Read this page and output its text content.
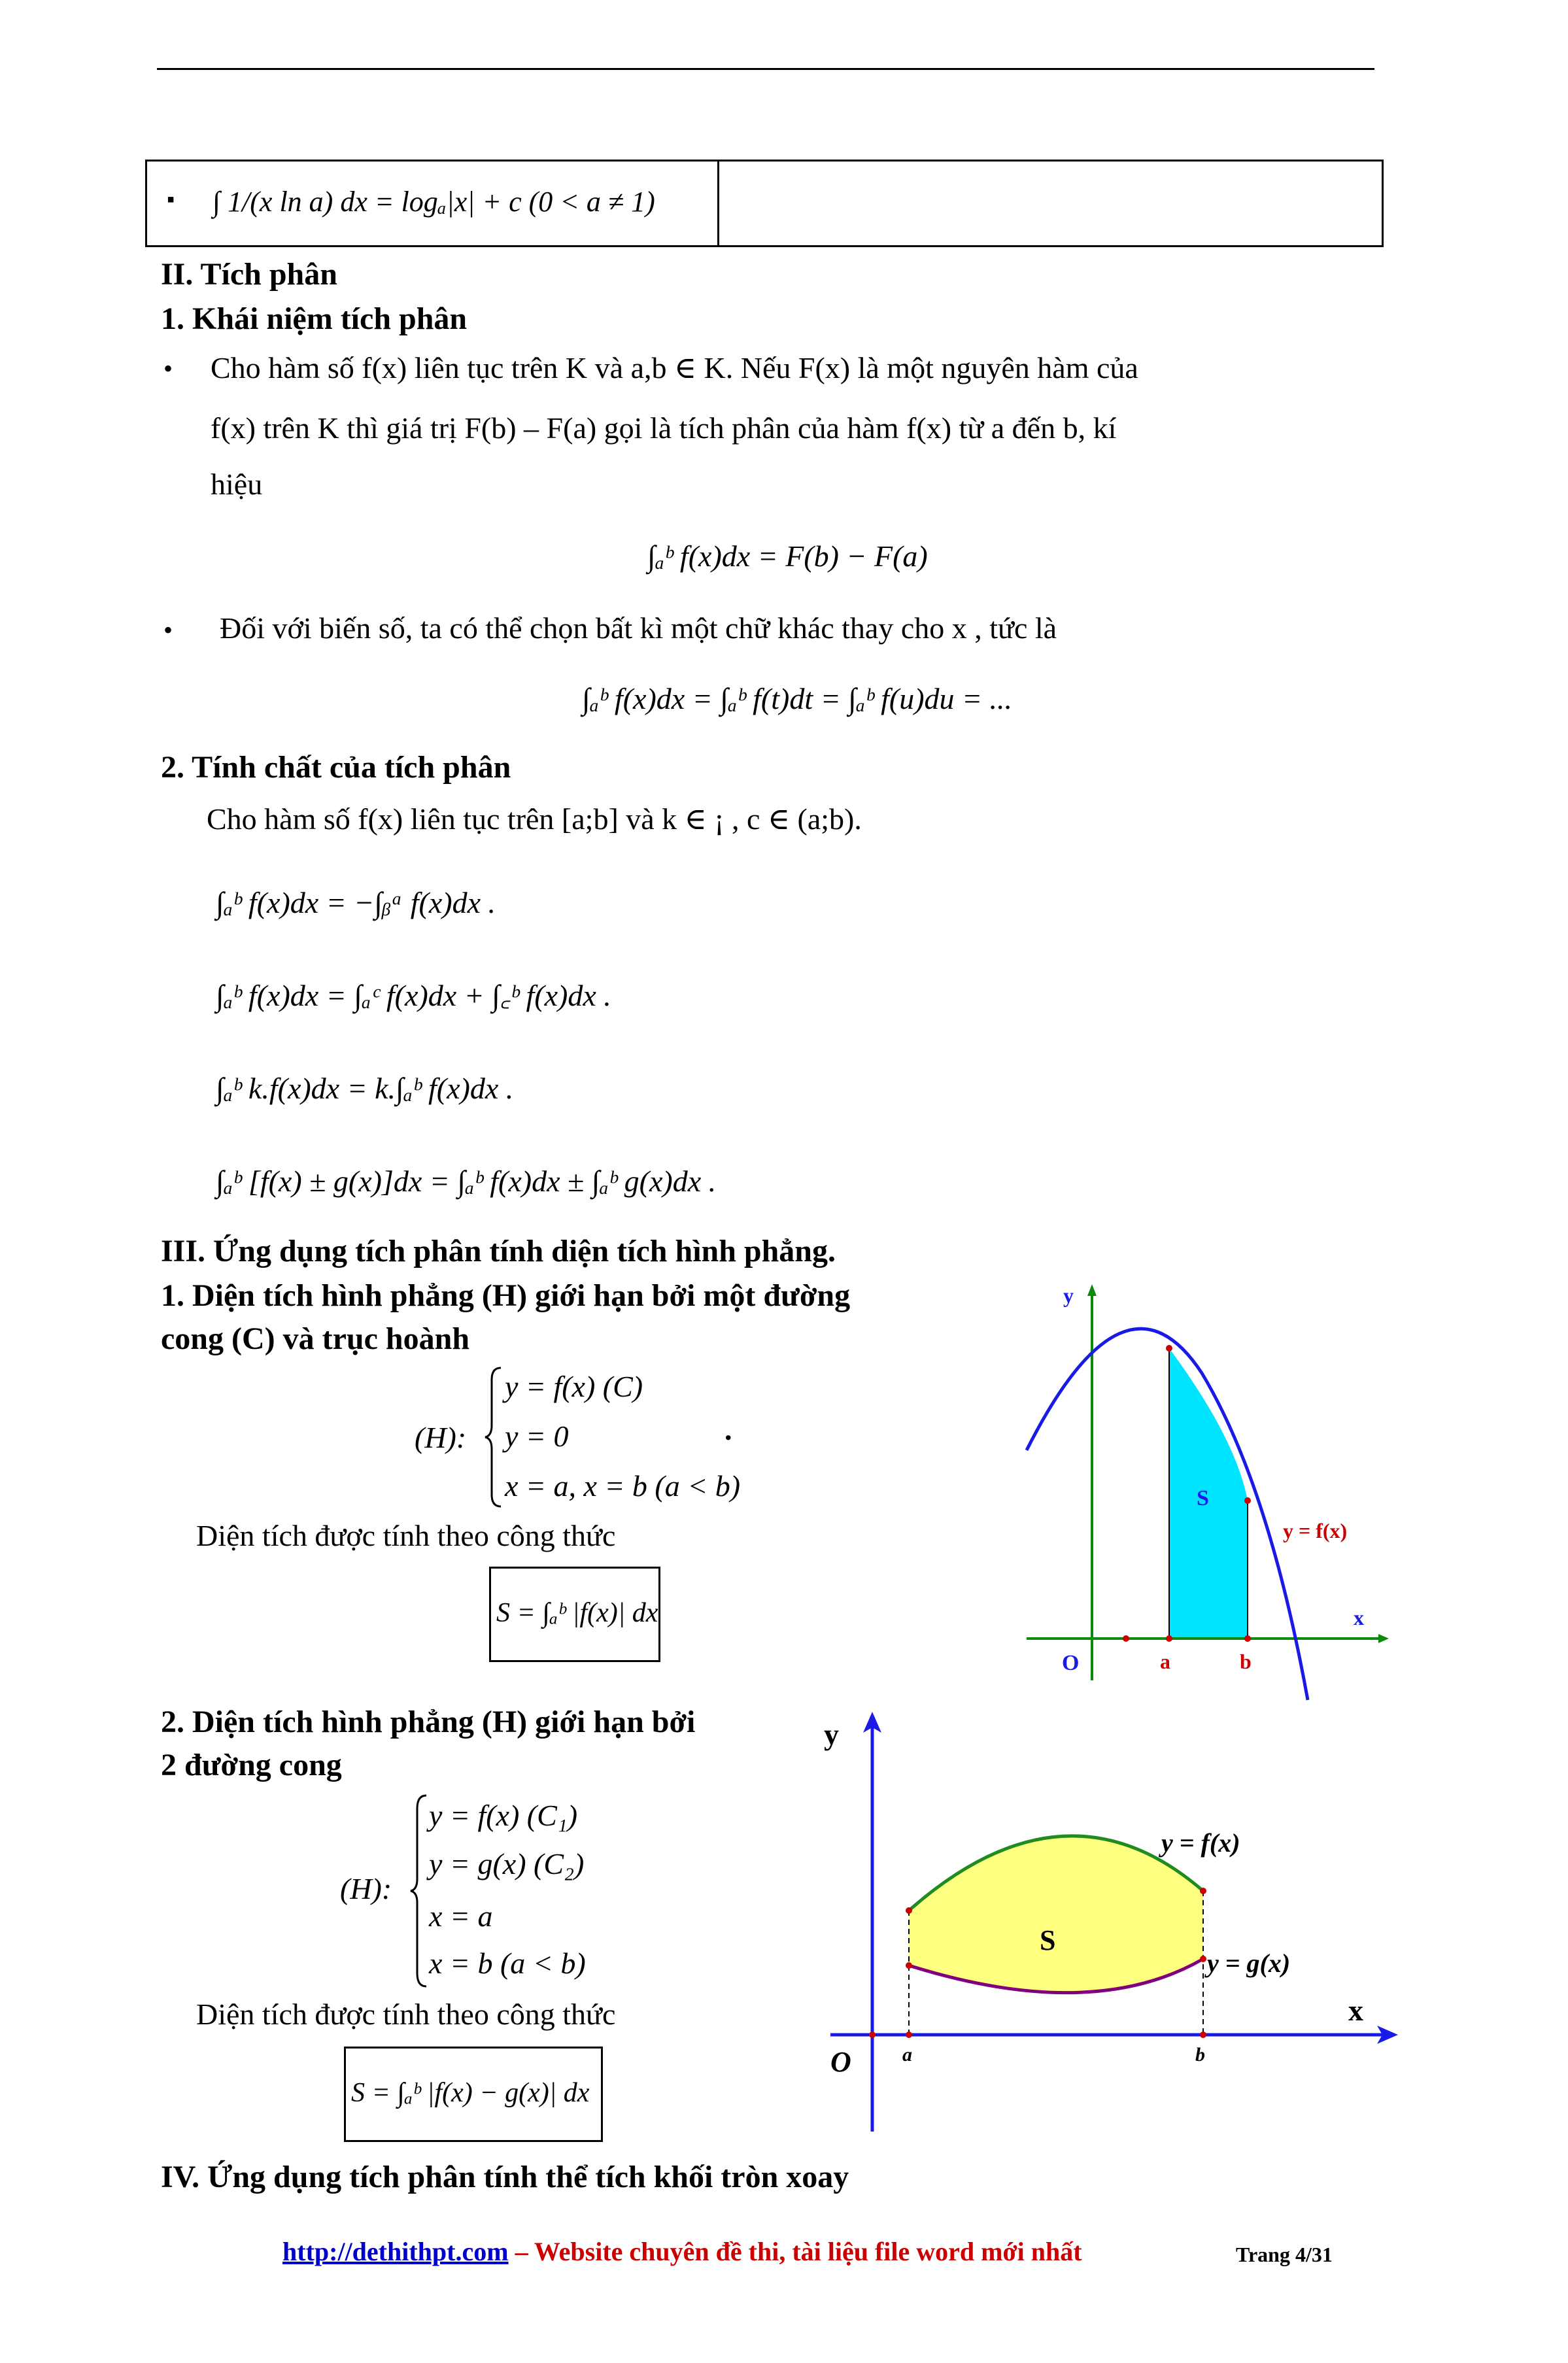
▪ ∫ 1/(x ln a) dx = logₐ|x| + c (0 < a ≠ 1)
II. Tích phân
1. Khái niệm tích phân
• Cho hàm số f(x) liên tục trên K và a,b ∈ K. Nếu F(x) là một nguyên hàm của
f(x) trên K thì giá trị F(b) – F(a) gọi là tích phân của hàm f(x) từ a đến b, kí
hiệu
∫ₐᵇ f(x)dx = F(b) − F(a)
• Đối với biến số, ta có thể chọn bất kì một chữ khác thay cho x , tức là
∫ₐᵇ f(x)dx = ∫ₐᵇ f(t)dt = ∫ₐᵇ f(u)du = ...
2. Tính chất của tích phân
Cho hàm số f(x) liên tục trên [a;b] và k ∈ ¡ , c ∈ (a;b).
∫ₐᵇ f(x)dx = −∫ᵦᵃ f(x)dx .
∫ₐᵇ f(x)dx = ∫ₐᶜ f(x)dx + ∫꜀ᵇ f(x)dx .
∫ₐᵇ k.f(x)dx = k.∫ₐᵇ f(x)dx .
∫ₐᵇ [f(x) ± g(x)]dx = ∫ₐᵇ f(x)dx ± ∫ₐᵇ g(x)dx .
III. Ứng dụng tích phân tính diện tích hình phẳng.
1. Diện tích hình phẳng (H) giới hạn bởi một đường
cong (C) và trục hoành
(H):
y = f(x) (C)
y = 0
x = a, x = b (a < b)
.
Diện tích được tính theo công thức
S = ∫ₐᵇ |f(x)| dx
y
x
O	a	b
S
y = f(x)
2. Diện tích hình phẳng (H) giới hạn bởi
2 đường cong
(H):
y = f(x) (C₁)
y = g(x) (C₂)
x = a
x = b (a < b)
Diện tích được tính theo công thức
S = ∫ₐᵇ |f(x) − g(x)| dx
y
x
O	a	b
S
y = f(x)
y = g(x)
IV. Ứng dụng tích phân tính thể tích khối tròn xoay
http://dethithpt.com – Website chuyên đề thi, tài liệu file word mới nhất	Trang 4/31
